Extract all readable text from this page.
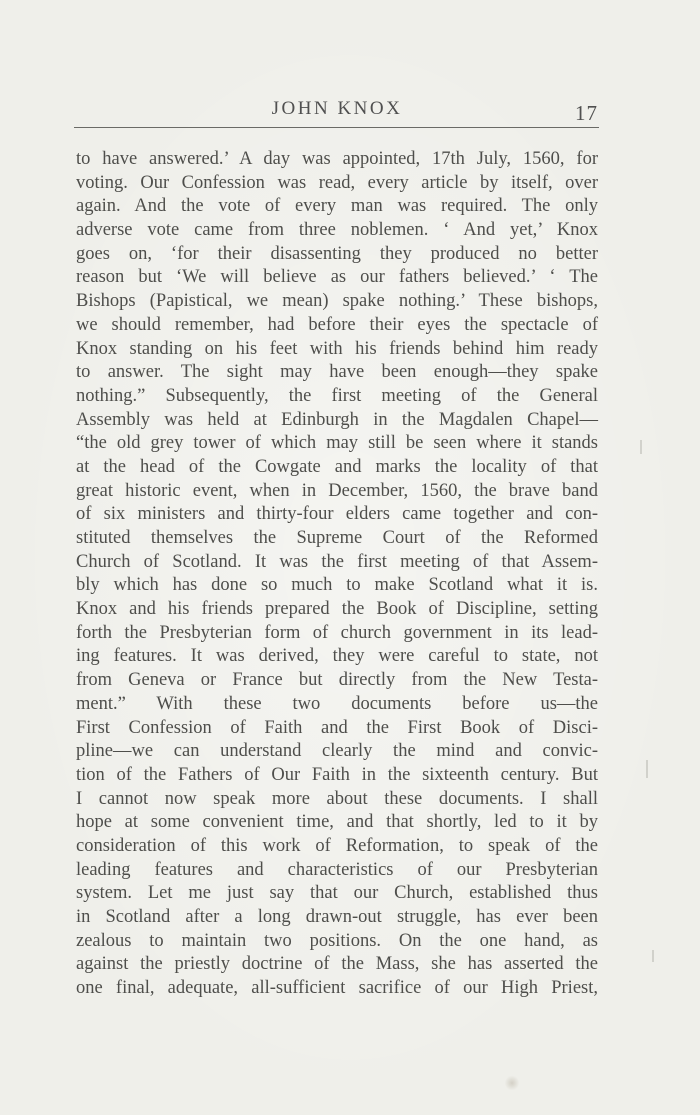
JOHN KNOX	17
to have answered.’ A day was appointed, 17th July, 1560, for
voting. Our Confession was read, every article by itself, over
again. And the vote of every man was required. The only
adverse vote came from three noblemen. ‘ And yet,’ Knox
goes on, ‘for their disassenting they produced no better
reason but ‘We will believe as our fathers believed.’ ‘ The
Bishops (Papistical, we mean) spake nothing.’ These bishops,
we should remember, had before their eyes the spectacle of
Knox standing on his feet with his friends behind him ready
to answer. The sight may have been enough—they spake
nothing.” Subsequently, the first meeting of the General
Assembly was held at Edinburgh in the Magdalen Chapel—
“the old grey tower of which may still be seen where it stands
at the head of the Cowgate and marks the locality of that
great historic event, when in December, 1560, the brave band
of six ministers and thirty-four elders came together and con-
stituted themselves the Supreme Court of the Reformed
Church of Scotland. It was the first meeting of that Assem-
bly which has done so much to make Scotland what it is.
Knox and his friends prepared the Book of Discipline, setting
forth the Presbyterian form of church government in its lead-
ing features. It was derived, they were careful to state, not
from Geneva or France but directly from the New Testa-
ment.” With these two documents before us—the
First Confession of Faith and the First Book of Disci-
pline—we can understand clearly the mind and convic-
tion of the Fathers of Our Faith in the sixteenth century. But
I cannot now speak more about these documents. I shall
hope at some convenient time, and that shortly, led to it by
consideration of this work of Reformation, to speak of the
leading features and characteristics of our Presbyterian
system. Let me just say that our Church, established thus
in Scotland after a long drawn-out struggle, has ever been
zealous to maintain two positions. On the one hand, as
against the priestly doctrine of the Mass, she has asserted the
one final, adequate, all-sufficient sacrifice of our High Priest,
